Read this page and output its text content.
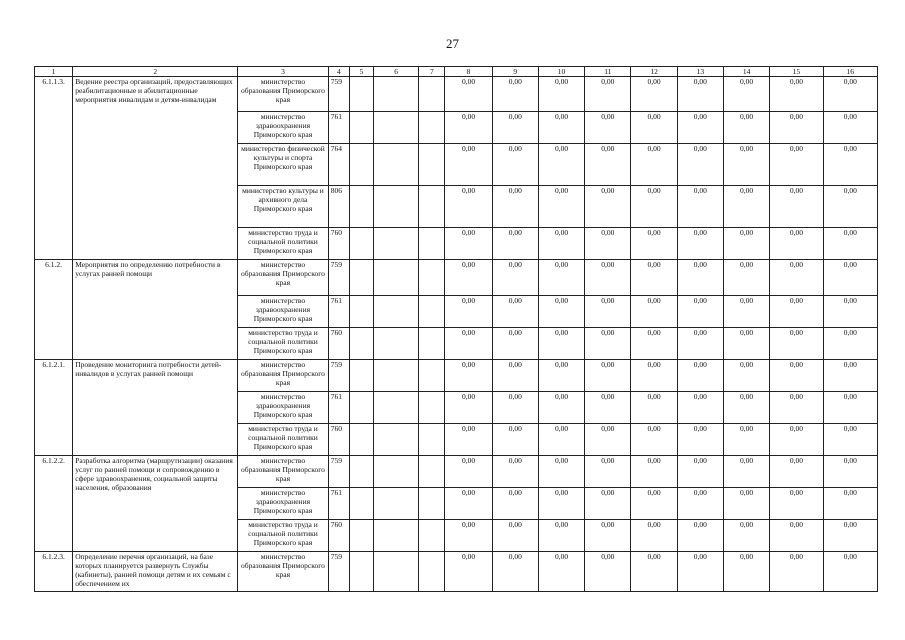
27
1	2	3	4	5	6	7	8	9	10	11	12	13	14	15	16
6.1.1.3.	Ведение реестра организаций, предоставляющих реабилитационные и абилитационные мероприятия инвалидам и детям-инвалидам	министерство образования Приморского края	759				0,00	0,00	0,00	0,00	0,00	0,00	0,00	0,00	0,00
		министерство здравоохранения Приморского края	761				0,00	0,00	0,00	0,00	0,00	0,00	0,00	0,00	0,00
		министерство физической культуры и спорта Приморского края	764				0,00	0,00	0,00	0,00	0,00	0,00	0,00	0,00	0,00
		министерство культуры и архивного дела Приморского края	806				0,00	0,00	0,00	0,00	0,00	0,00	0,00	0,00	0,00
		министерство труда и социальной политики Приморского края	760				0,00	0,00	0,00	0,00	0,00	0,00	0,00	0,00	0,00
6.1.2.	Мероприятия по определению потребности в услугах ранней помощи	министерство образования Приморского края	759				0,00	0,00	0,00	0,00	0,00	0,00	0,00	0,00	0,00
		министерство здравоохранения Приморского края	761				0,00	0,00	0,00	0,00	0,00	0,00	0,00	0,00	0,00
		министерство труда и социальной политики Приморского края	760				0,00	0,00	0,00	0,00	0,00	0,00	0,00	0,00	0,00
6.1.2.1.	Проведение мониторинга потребности детей-инвалидов в услугах ранней помощи	министерство образования Приморского края	759				0,00	0,00	0,00	0,00	0,00	0,00	0,00	0,00	0,00
		министерство здравоохранения Приморского края	761				0,00	0,00	0,00	0,00	0,00	0,00	0,00	0,00	0,00
		министерство труда и социальной политики Приморского края	760				0,00	0,00	0,00	0,00	0,00	0,00	0,00	0,00	0,00
6.1.2.2.	Разработка алгоритма (маршрутизации) оказания услуг по ранней помощи и сопровождению в сфере здравоохранения, социальной защиты населения, образования	министерство образования Приморского края	759				0,00	0,00	0,00	0,00	0,00	0,00	0,00	0,00	0,00
		министерство здравоохранения Приморского края	761				0,00	0,00	0,00	0,00	0,00	0,00	0,00	0,00	0,00
		министерство труда и социальной политики Приморского края	760				0,00	0,00	0,00	0,00	0,00	0,00	0,00	0,00	0,00
6.1.2.3.	Определение перечня организаций, на базе которых планируется развернуть Службы (кабинеты), ранней помощи детям и их семьям с обеспечением их	министерство образования Приморского края	759				0,00	0,00	0,00	0,00	0,00	0,00	0,00	0,00	0,00
